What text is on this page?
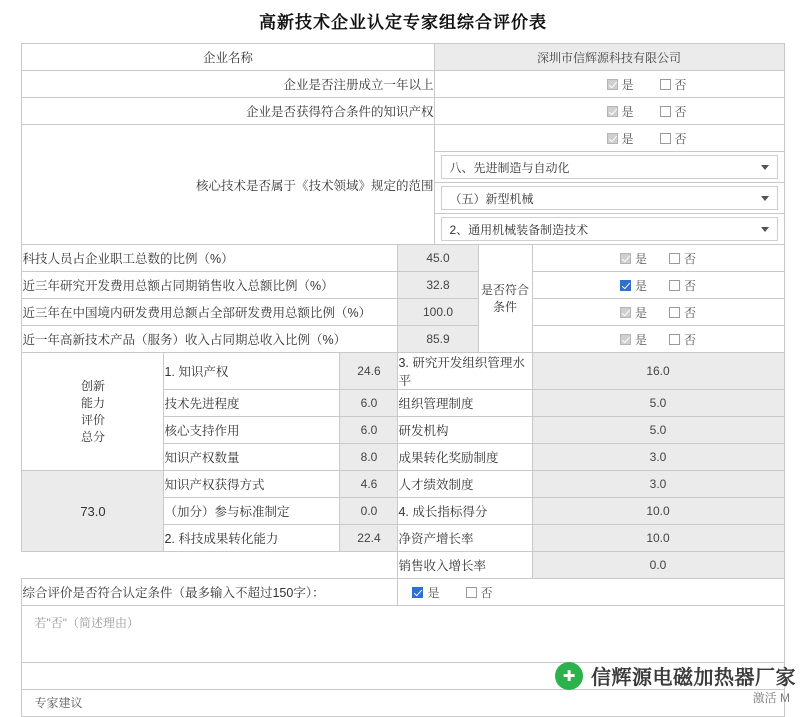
高新技术企业认定专家组综合评价表
企业名称				深圳市信辉源科技有限公司		
企业是否注册成立一年以上				是 否		

企业是否获得符合条件的知识产权				是 否		

核心技术是否属于《技术领域》规定的范围				是 否		

				八、先进制造与自动化		

				（五）新型机械		

				2、通用机械装备制造技术		

科技人员占企业职工总数的比例（%）			45.0		是否符合条件	是 否

近三年研究开发费用总额占同期销售收入总额比例（%）			32.8			是 否

近三年在中国境内研发费用总额占全部研发费用总额比例（%）			100.0			是 否

近一年高新技术产品（服务）收入占同期总收入比例（%）			85.9			是 否

创新
能力
评价
总分	1. 知识产权	24.6	3. 研究开发组织管理水平			16.0
	技术先进程度	6.0	组织管理制度			5.0
	核心支持作用	6.0	研发机构			5.0
	知识产权数量	8.0	成果转化奖励制度			3.0
73.0	知识产权获得方式	4.6	人才绩效制度			3.0
	（加分）参与标准制定	0.0	4. 成长指标得分			10.0
	2. 科技成果转化能力	22.4	净资产增长率			10.0
			销售收入增长率			0.0
综合评价是否符合认定条件（最多输入不超过150字）：			是 否			

若"否"（简述理由）						

专家建议						
✚ 信辉源电磁加热器厂家
激活 M
